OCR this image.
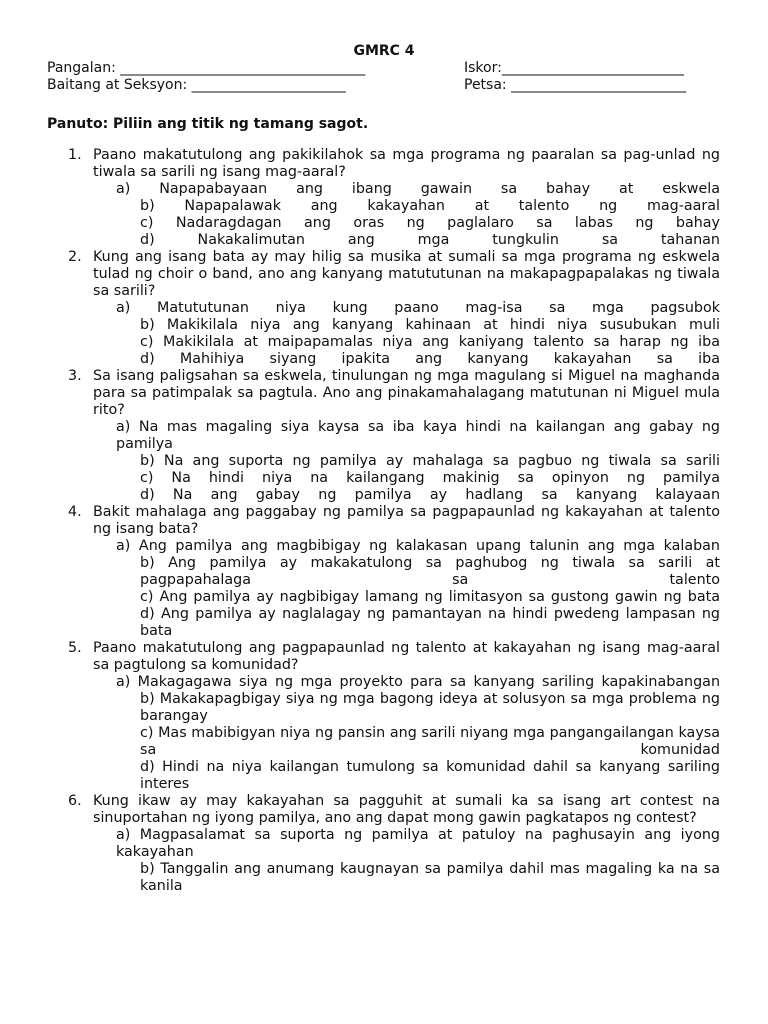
GMRC 4
Pangalan: ___________________________________
Baitang at Seksyon: ______________________
Iskor:__________________________
Petsa: _________________________
Panuto: Piliin ang titik ng tamang sagot.
1. Paano makatutulong ang pakikilahok sa mga programa ng paaralan sa pag-unlad ng tiwala sa sarili ng isang mag-aaral?
a) Napapabayaan ang ibang gawain sa bahay at eskwela
b) Napapalawak ang kakayahan at talento ng mag-aaral
c) Nadaragdagan ang oras ng paglalaro sa labas ng bahay
d) Nakakalimutan ang mga tungkulin sa tahanan
2. Kung ang isang bata ay may hilig sa musika at sumali sa mga programa ng eskwela tulad ng choir o band, ano ang kanyang matututunan na makapagpapalakas ng tiwala sa sarili?
a) Matututunan niya kung paano mag-isa sa mga pagsubok
b) Makikilala niya ang kanyang kahinaan at hindi niya susubukan muli
c) Makikilala at maipapamalas niya ang kaniyang talento sa harap ng iba
d) Mahihiya siyang ipakita ang kanyang kakayahan sa iba
3. Sa isang paligsahan sa eskwela, tinulungan ng mga magulang si Miguel na maghanda para sa patimpalak sa pagtula. Ano ang pinakamahalagang matutunan ni Miguel mula rito?
a) Na mas magaling siya kaysa sa iba kaya hindi na kailangan ang gabay ng pamilya
b) Na ang suporta ng pamilya ay mahalaga sa pagbuo ng tiwala sa sarili
c) Na hindi niya na kailangang makinig sa opinyon ng pamilya
d) Na ang gabay ng pamilya ay hadlang sa kanyang kalayaan
4. Bakit mahalaga ang paggabay ng pamilya sa pagpapaunlad ng kakayahan at talento ng isang bata?
a) Ang pamilya ang magbibigay ng kalakasan upang talunin ang mga kalaban
b) Ang pamilya ay makakatulong sa paghubog ng tiwala sa sarili at pagpapahalaga sa talento
c) Ang pamilya ay nagbibigay lamang ng limitasyon sa gustong gawin ng bata
d) Ang pamilya ay naglalagay ng pamantayan na hindi pwedeng lampasan ng bata
5. Paano makatutulong ang pagpapaunlad ng talento at kakayahan ng isang mag-aaral sa pagtulong sa komunidad?
a) Makagagawa siya ng mga proyekto para sa kanyang sariling kapakinabangan
b) Makakapagbigay siya ng mga bagong ideya at solusyon sa mga problema ng barangay
c) Mas mabibigyan niya ng pansin ang sarili niyang mga pangangailangan kaysa sa komunidad
d) Hindi na niya kailangan tumulong sa komunidad dahil sa kanyang sariling interes
6. Kung ikaw ay may kakayahan sa pagguhit at sumali ka sa isang art contest na sinuportahan ng iyong pamilya, ano ang dapat mong gawin pagkatapos ng contest?
a) Magpasalamat sa suporta ng pamilya at patuloy na paghusayin ang iyong kakayahan
b) Tanggalin ang anumang kaugnayan sa pamilya dahil mas magaling ka na sa kanila
